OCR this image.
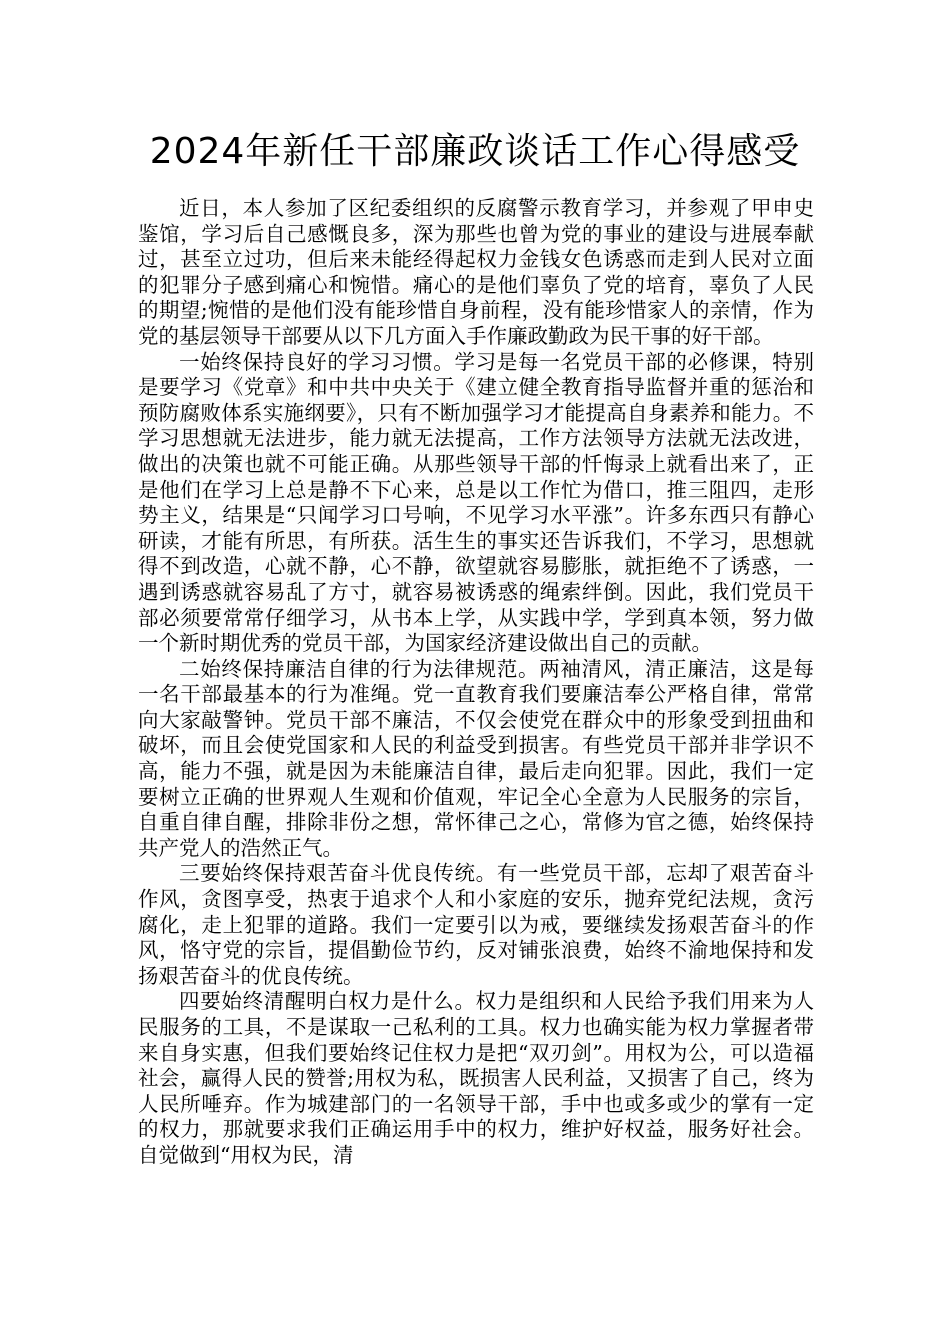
2024年新任干部廉政谈话工作心得感受

近日，本人参加了区纪委组织的反腐警示教育学习，并参观了甲申史鉴馆，学习后自己感慨良多，深为那些也曾为党的事业的建设与进展奉献过，甚至立过功，但后来未能经得起权力金钱女色诱惑而走到人民对立面的犯罪分子感到痛心和惋惜。痛心的是他们辜负了党的培育，辜负了人民的期望;惋惜的是他们没有能珍惜自身前程，没有能珍惜家人的亲情，作为党的基层领导干部要从以下几方面入手作廉政勤政为民干事的好干部。

一始终保持良好的学习习惯。学习是每一名党员干部的必修课，特别是要学习《党章》和中共中央关于《建立健全教育指导监督并重的惩治和预防腐败体系实施纲要》，只有不断加强学习才能提高自身素养和能力。不学习思想就无法进步，能力就无法提高，工作方法领导方法就无法改进，做出的决策也就不可能正确。从那些领导干部的忏悔录上就看出来了，正是他们在学习上总是静不下心来，总是以工作忙为借口，推三阻四，走形势主义，结果是“只闻学习口号响，不见学习水平涨”。许多东西只有静心研读，才能有所思，有所获。活生生的事实还告诉我们，不学习，思想就得不到改造，心就不静，心不静，欲望就容易膨胀，就拒绝不了诱惑，一遇到诱惑就容易乱了方寸，就容易被诱惑的绳索绊倒。因此，我们党员干部必须要常常仔细学习，从书本上学，从实践中学，学到真本领，努力做一个新时期优秀的党员干部，为国家经济建设做出自己的贡献。

二始终保持廉洁自律的行为法律规范。两袖清风，清正廉洁，这是每一名干部最基本的行为准绳。党一直教育我们要廉洁奉公严格自律，常常向大家敲警钟。党员干部不廉洁，不仅会使党在群众中的形象受到扭曲和破坏，而且会使党国家和人民的利益受到损害。有些党员干部并非学识不高，能力不强，就是因为未能廉洁自律，最后走向犯罪。因此，我们一定要树立正确的世界观人生观和价值观，牢记全心全意为人民服务的宗旨，自重自律自醒，排除非份之想，常怀律己之心，常修为官之德，始终保持共产党人的浩然正气。

三要始终保持艰苦奋斗优良传统。有一些党员干部，忘却了艰苦奋斗作风，贪图享受，热衷于追求个人和小家庭的安乐，抛弃党纪法规，贪污腐化，走上犯罪的道路。我们一定要引以为戒，要继续发扬艰苦奋斗的作风，恪守党的宗旨，提倡勤俭节约，反对铺张浪费，始终不渝地保持和发扬艰苦奋斗的优良传统。

四要始终清醒明白权力是什么。权力是组织和人民给予我们用来为人民服务的工具，不是谋取一己私利的工具。权力也确实能为权力掌握者带来自身实惠，但我们要始终记住权力是把“双刃剑”。用权为公，可以造福社会，赢得人民的赞誉;用权为私，既损害人民利益，又损害了自己，终为人民所唾弃。作为城建部门的一名领导干部，手中也或多或少的掌有一定的权力，那就要求我们正确运用手中的权力，维护好权益，服务好社会。自觉做到“用权为民，清
